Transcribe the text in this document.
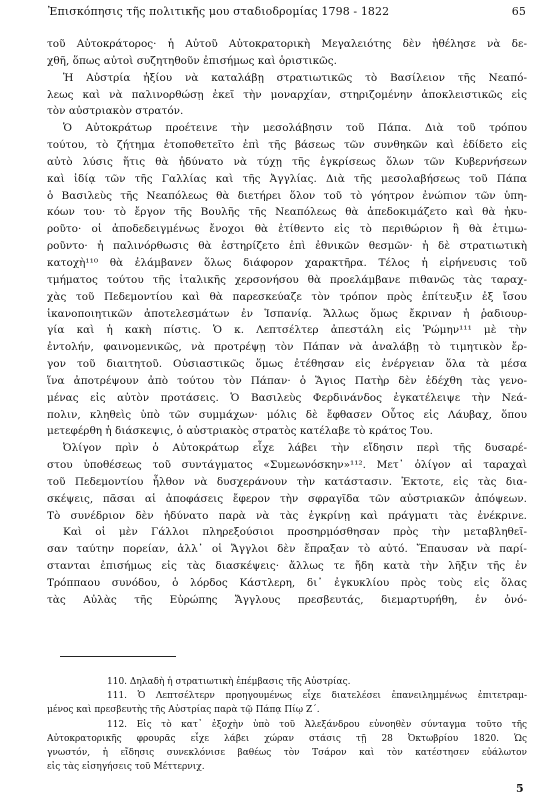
Ἐπισκόπησις τῆς πολιτικῆς μου σταδιοδρομίας 1798 - 1822	65
τοῦ Αὐτοκράτορος· ἡ Αὐτοῦ Αὐτοκρατορικὴ Μεγαλειότης δὲν ἠθέλησε νὰ δε-
χθῆ, ὅπως αὐτοὶ συζητηθοῦν ἐπισήμως καὶ ὁριστικῶς.
Ἡ Αὐστρία ἠξίου νὰ καταλάβῃ στρατιωτικῶς τὸ Βασίλειον τῆς Νεαπό-
λεως καὶ νὰ παλινορθώσῃ ἐκεῖ τὴν μοναρχίαν, στηριζομένην ἀποκλειστικῶς εἰς
τὸν αὐστριακὸν στρατόν.
Ὁ Αὐτοκράτωρ προέτεινε τὴν μεσολάβησιν τοῦ Πάπα. Διὰ τοῦ τρόπου
τούτου, τὸ ζήτημα ἐτοποθετεῖτο ἐπὶ τῆς βάσεως τῶν συνθηκῶν καὶ ἐδίδετο εἰς
αὐτὸ λύσις ἥτις θὰ ἠδύνατο νὰ τύχῃ τῆς ἐγκρίσεως ὅλων τῶν Κυβερνήσεων
καὶ ἰδίᾳ τῶν τῆς Γαλλίας καὶ τῆς Ἀγγλίας. Διὰ τῆς μεσολαβήσεως τοῦ Πάπα
ὁ Βασιλεὺς τῆς Νεαπόλεως θὰ διετήρει ὅλον τοῦ τὸ γόητρον ἐνώπιον τῶν ὑπη-
κόων του· τὸ ἔργον τῆς Βουλῆς τῆς Νεαπόλεως θὰ ἀπεδοκιμάζετο καὶ θὰ ἠκυ-
ροῦτο· οἱ ἀποδεδειγμένως ἔνοχοι θὰ ἐτίθεντο εἰς τὸ περιθώριον ἢ θὰ ἐτιμω-
ροῦντο· ἡ παλινόρθωσις θὰ ἐστηρίζετο ἐπὶ ἐθνικῶν θεσμῶν· ἡ δὲ στρατιωτικὴ
κατοχὴ¹¹⁰ θὰ ἐλάμβανεν ὅλως διάφορον χαρακτῆρα. Τέλος ἡ εἰρήνευσις τοῦ
τμήματος τούτου τῆς ἰταλικῆς χερσονήσου θὰ προελάμβανε πιθανῶς τὰς ταραχ-
χὰς τοῦ Πεδεμοντίου καὶ θὰ παρεσκεύαζε τὸν τρόπον πρὸς ἐπίτευξιν ἐξ ἴσου
ἱκανοποιητικῶν ἀποτελεσμάτων ἐν Ἱσπανίᾳ. Ἄλλως ὅμως ἔκριναν ἡ ῥαδιουρ-
γία καὶ ἡ κακὴ πίστις. Ὁ κ. Λεπτσέλτερ ἀπεστάλη εἰς Ῥώμην¹¹¹ μὲ τὴν
ἐντολήν, φαινομενικῶς, νὰ προτρέψῃ τὸν Πάπαν νὰ ἀναλάβῃ τὸ τιμητικὸν ἔρ-
γον τοῦ διαιτητοῦ. Οὐσιαστικῶς ὅμως ἐτέθησαν εἰς ἐνέργειαν ὅλα τὰ μέσα
ἵνα ἀποτρέψουν ἀπὸ τούτου τὸν Πάπαν· ὁ Ἅγιος Πατὴρ δὲν ἐδέχθη τὰς γενο-
μένας εἰς αὐτὸν προτάσεις. Ὁ Βασιλεὺς Φερδινάνδος ἐγκατέλειψε τὴν Νεά-
πολιν, κληθεὶς ὑπὸ τῶν συμμάχων· μόλις δὲ ἔφθασεν Οὗτος εἰς Λάυβαχ, ὅπου
μετεφέρθη ἡ διάσκεψις, ὁ αὐστριακὸς στρατὸς κατέλαβε τὸ κράτος Του.
Ὀλίγον πρὶν ὁ Αὐτοκράτωρ εἶχε λάβει τὴν εἴδησιν περὶ τῆς δυσαρέ-
στου ὑποθέσεως τοῦ συντάγματος «Συμεωνόσκην»¹¹². Μετ᾽ ὀλίγον αἱ ταραχαὶ
τοῦ Πεδεμοντίου ἦλθον νὰ δυσχεράνουν τὴν κατάστασιν. Ἐκτοτε, εἰς τὰς δια-
σκέψεις, πᾶσαι αἱ ἀποφάσεις ἔφερον τὴν σφραγῖδα τῶν αὐστριακῶν ἀπόψεων.
Τὸ συνέδριον δὲν ἠδύνατο παρὰ νὰ τὰς ἐγκρίνῃ καὶ πράγματι τὰς ἐνέκρινε.
Καὶ οἱ μὲν Γάλλοι πληρεξούσιοι προσηρμόσθησαν πρὸς τὴν μεταβληθεῖ-
σαν ταύτην πορείαν, ἀλλ᾽ οἱ Ἄγγλοι δὲν ἔπραξαν τὸ αὐτό. Ἔπαυσαν νὰ παρί-
στανται ἐπισήμως εἰς τὰς διασκέψεις· ἄλλως τε ἤδη κατὰ τὴν λῆξιν τῆς ἐν
Τρόππαου συνόδου, ὁ λόρδος Κάστλερη, δι᾽ ἐγκυκλίου πρὸς τοὺς εἰς ὅλας
τὰς Αὐλὰς τῆς Εὐρώπης Ἄγγλους πρεσβευτάς, διεμαρτυρήθη, ἐν ὀνό-
110. Δηλαδὴ ἡ στρατιωτικὴ ἐπέμβασις τῆς Αὐστρίας.
111. Ὁ Λεπτσέλτερν προηγουμένως εἶχε διατελέσει ἐπανειλημμένως ἐπιτετραμ-
μένος καὶ πρεσβευτὴς τῆς Αὐστρίας παρὰ τῷ Πάπᾳ Πίῳ Ζ΄.
112. Εἰς τὸ κατ᾽ ἐξοχὴν ὑπὸ τοῦ Ἀλεξάνδρου εὐνοηθὲν σύνταγμα τοῦτο τῆς
Αὐτοκρατορικῆς φρουρᾶς εἶχε λάβει χώραν στάσις τῇ 28 Ὀκτωβρίου 1820. Ὡς
γνωστόν, ἡ εἴδησις συνεκλόνισε βαθέως τὸν Τσάρον καὶ τὸν κατέστησεν εὐάλωτον
εἰς τὰς εἰσηγήσεις τοῦ Μέττερνιχ.
5
